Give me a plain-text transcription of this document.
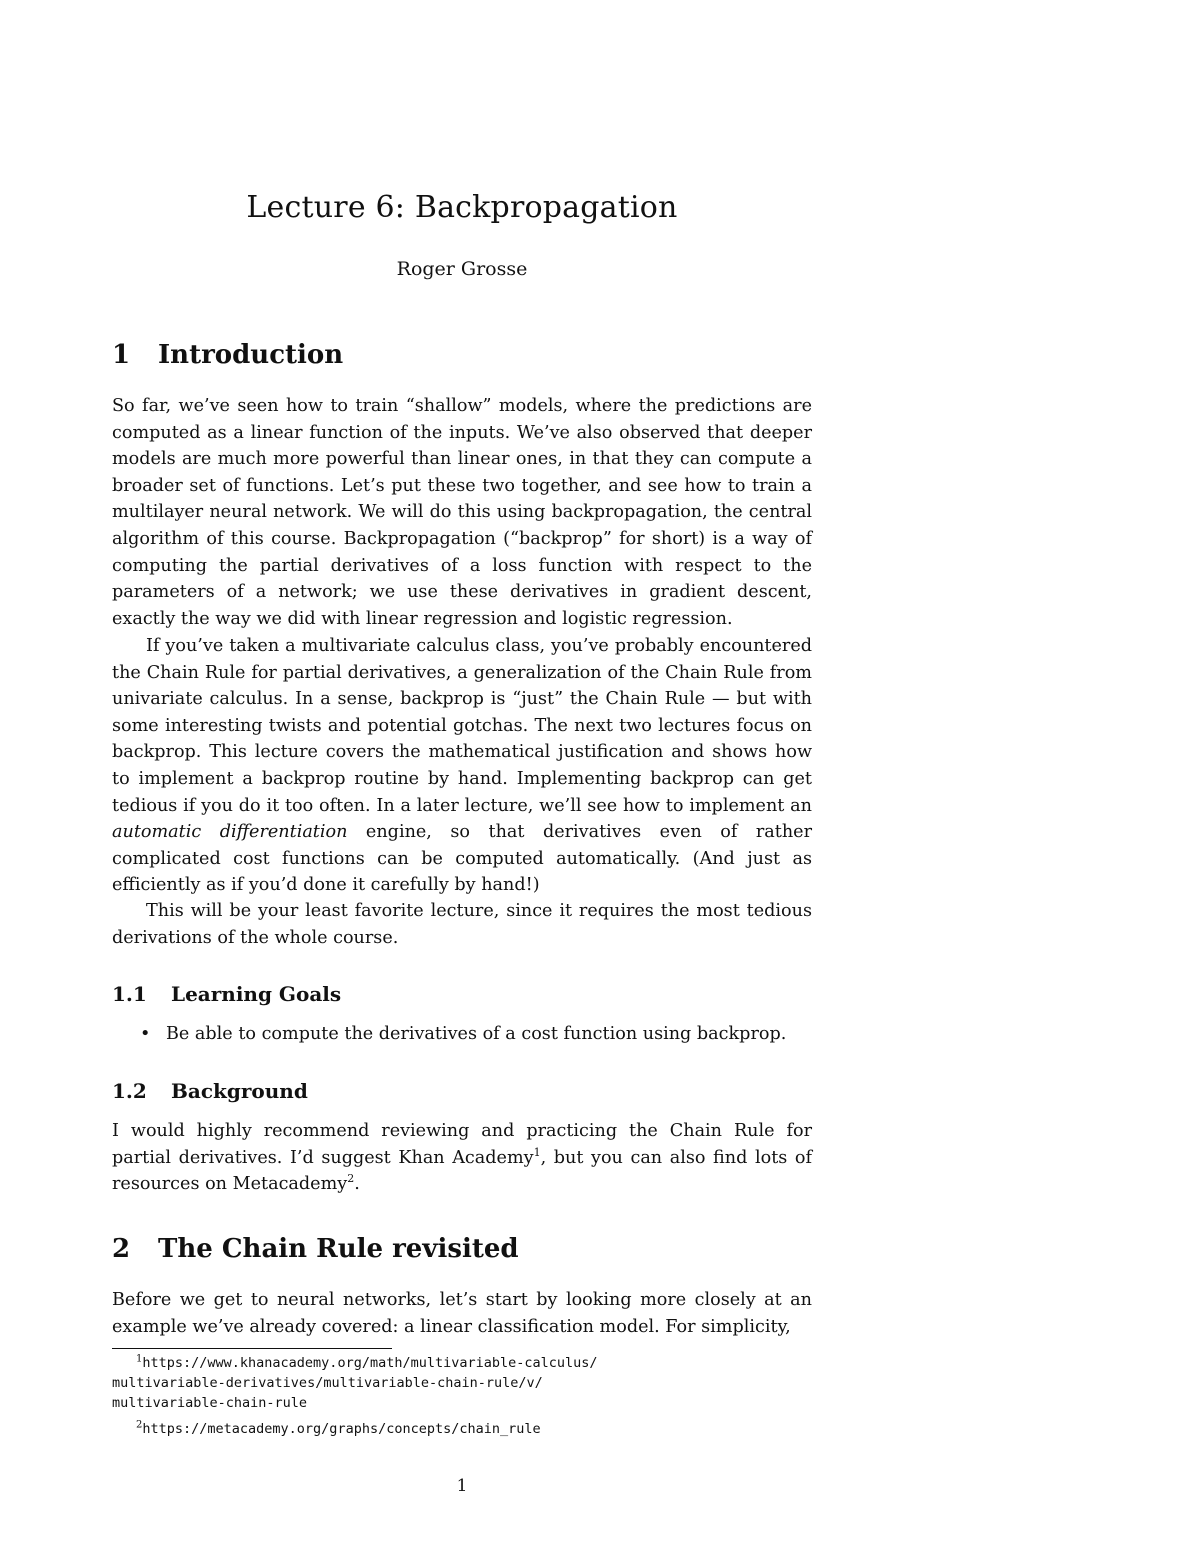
Lecture 6: Backpropagation
Roger Grosse
1 Introduction

So far, we’ve seen how to train “shallow” models, where the predictions are computed as a linear function of the inputs. We’ve also observed that deeper models are much more powerful than linear ones, in that they can compute a broader set of functions. Let’s put these two together, and see how to train a multilayer neural network. We will do this using backpropagation, the central algorithm of this course. Backpropagation (“backprop” for short) is a way of computing the partial derivatives of a loss function with respect to the parameters of a network; we use these derivatives in gradient descent, exactly the way we did with linear regression and logistic regression.

If you’ve taken a multivariate calculus class, you’ve probably encountered the Chain Rule for partial derivatives, a generalization of the Chain Rule from univariate calculus. In a sense, backprop is “just” the Chain Rule — but with some interesting twists and potential gotchas. The next two lectures focus on backprop. This lecture covers the mathematical justification and shows how to implement a backprop routine by hand. Implementing backprop can get tedious if you do it too often. In a later lecture, we’ll see how to implement an automatic differentiation engine, so that derivatives even of rather complicated cost functions can be computed automatically. (And just as efficiently as if you’d done it carefully by hand!)

This will be your least favorite lecture, since it requires the most tedious derivations of the whole course.

1.1 Learning Goals
• Be able to compute the derivatives of a cost function using backprop.
1.2 Background

I would highly recommend reviewing and practicing the Chain Rule for partial derivatives. I’d suggest Khan Academy$^1$, but you can also find lots of resources on Metacademy$^2$.

2 The Chain Rule revisited

Before we get to neural networks, let’s start by looking more closely at an example we’ve already covered: a linear classification model. For simplicity,

$^1$https://www.khanacademy.org/math/multivariable-calculus/
multivariable-derivatives/multivariable-chain-rule/v/
multivariable-chain-rule
$^2$https://metacademy.org/graphs/concepts/chain_rule
1
